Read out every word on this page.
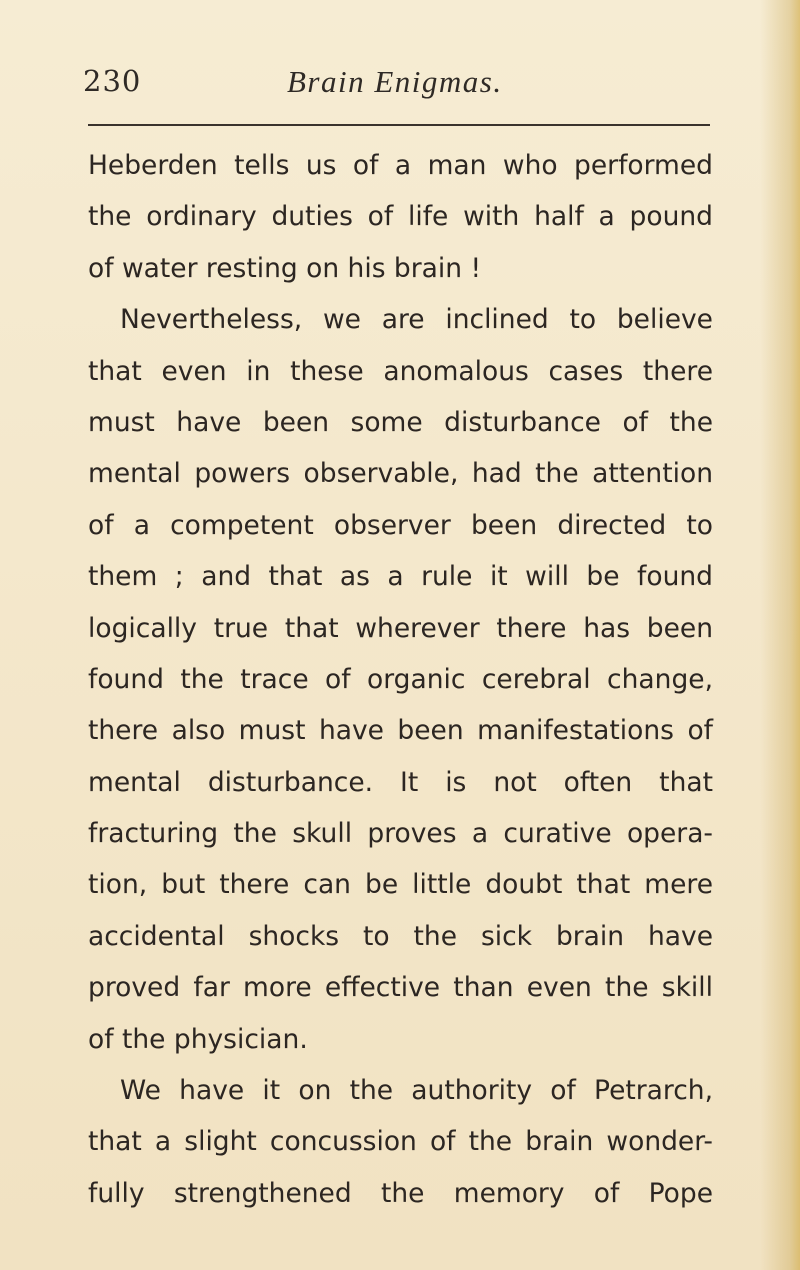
230	Brain Enigmas.
Heberden tells us of a man who performed
the ordinary duties of life with half a pound
of water resting on his brain !
Nevertheless, we are inclined to believe
that even in these anomalous cases there
must have been some disturbance of the
mental powers observable, had the attention
of a competent observer been directed to
them ; and that as a rule it will be found
logically true that wherever there has been
found the trace of organic cerebral change,
there also must have been manifestations of
mental disturbance. It is not often that
fracturing the skull proves a curative opera-
tion, but there can be little doubt that mere
accidental shocks to the sick brain have
proved far more effective than even the skill
of the physician.
We have it on the authority of Petrarch,
that a slight concussion of the brain wonder-
fully strengthened the memory of Pope
